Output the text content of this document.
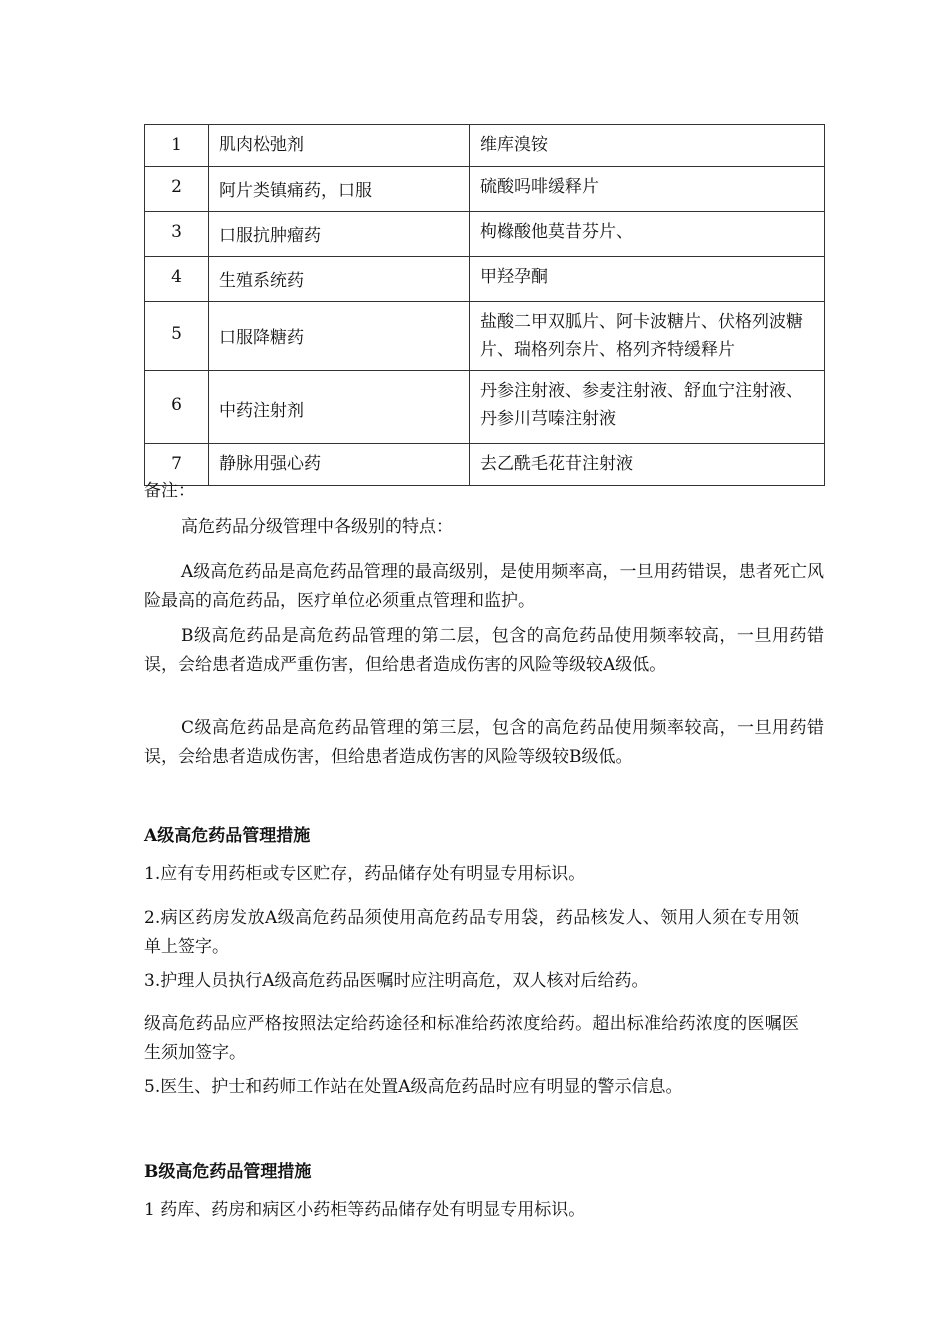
1	肌肉松弛剂	维库溴铵
2	阿片类镇痛药，口服	硫酸吗啡缓释片
3	口服抗肿瘤药	枸橼酸他莫昔芬片、
4	生殖系统药	甲羟孕酮

5	口服降糖药	盐酸二甲双胍片、阿卡波糖片、伏格列波糖片、瑞格列奈片、格列齐特缓释片

6	中药注射剂	丹参注射液、参麦注射液、舒血宁注射液、丹参川芎嗪注射液
7	静脉用强心药	去乙酰毛花苷注射液
备注：

高危药品分级管理中各级别的特点：

A级高危药品是高危药品管理的最高级别，是使用频率高，一旦用药错误，患者死亡风险最高的高危药品，医疗单位必须重点管理和监护。

B级高危药品是高危药品管理的第二层，包含的高危药品使用频率较高，一旦用药错误，会给患者造成严重伤害，但给患者造成伤害的风险等级较A级低。

C级高危药品是高危药品管理的第三层，包含的高危药品使用频率较高，一旦用药错误，会给患者造成伤害，但给患者造成伤害的风险等级较B级低。

A级高危药品管理措施

1.应有专用药柜或专区贮存，药品储存处有明显专用标识。

2.病区药房发放A级高危药品须使用高危药品专用袋，药品核发人、领用人须在专用领单上签字。

3.护理人员执行A级高危药品医嘱时应注明高危，双人核对后给药。

级高危药品应严格按照法定给药途径和标准给药浓度给药。超出标准给药浓度的医嘱医生须加签字。

5.医生、护士和药师工作站在处置A级高危药品时应有明显的警示信息。

B级高危药品管理措施

1 药库、药房和病区小药柜等药品储存处有明显专用标识。
